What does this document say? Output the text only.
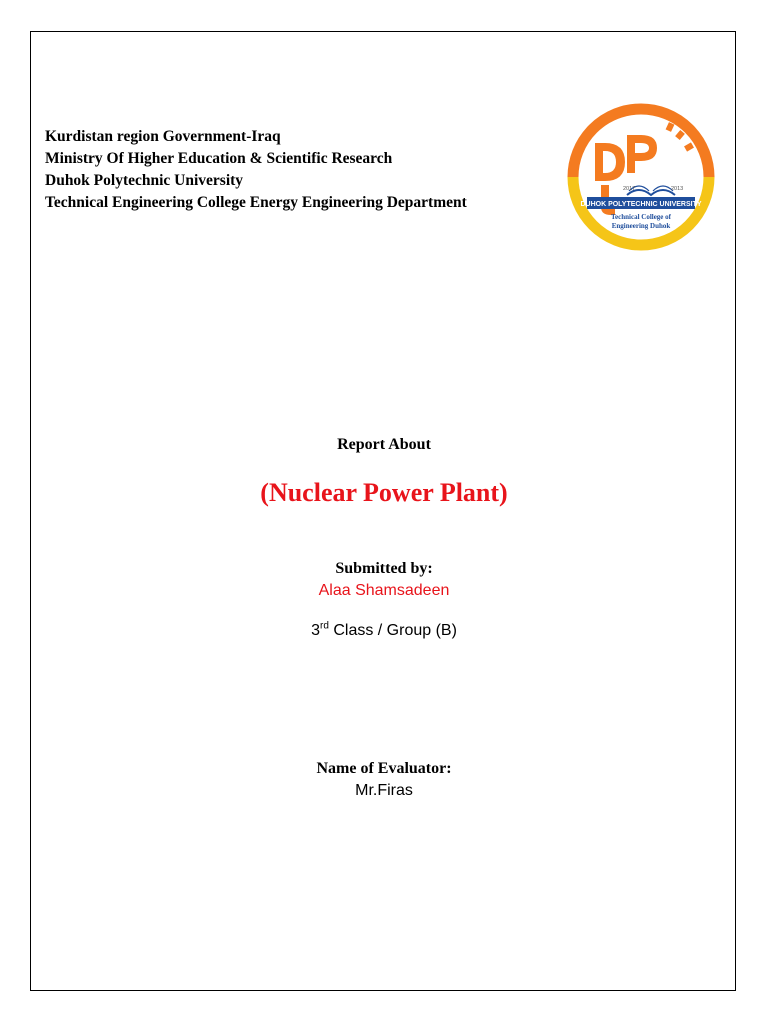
Kurdistan region Government-Iraq
Ministry Of Higher Education & Scientific Research
Duhok Polytechnic University
Technical Engineering College Energy Engineering Department
2017	2013
DUHOK POLYTECHNIC UNIVERSITY
Technical College of
Engineering Duhok
Report About
(Nuclear Power Plant)
Submitted by:
Alaa Shamsadeen
3rd Class / Group (B)
Name of Evaluator:
Mr.Firas
